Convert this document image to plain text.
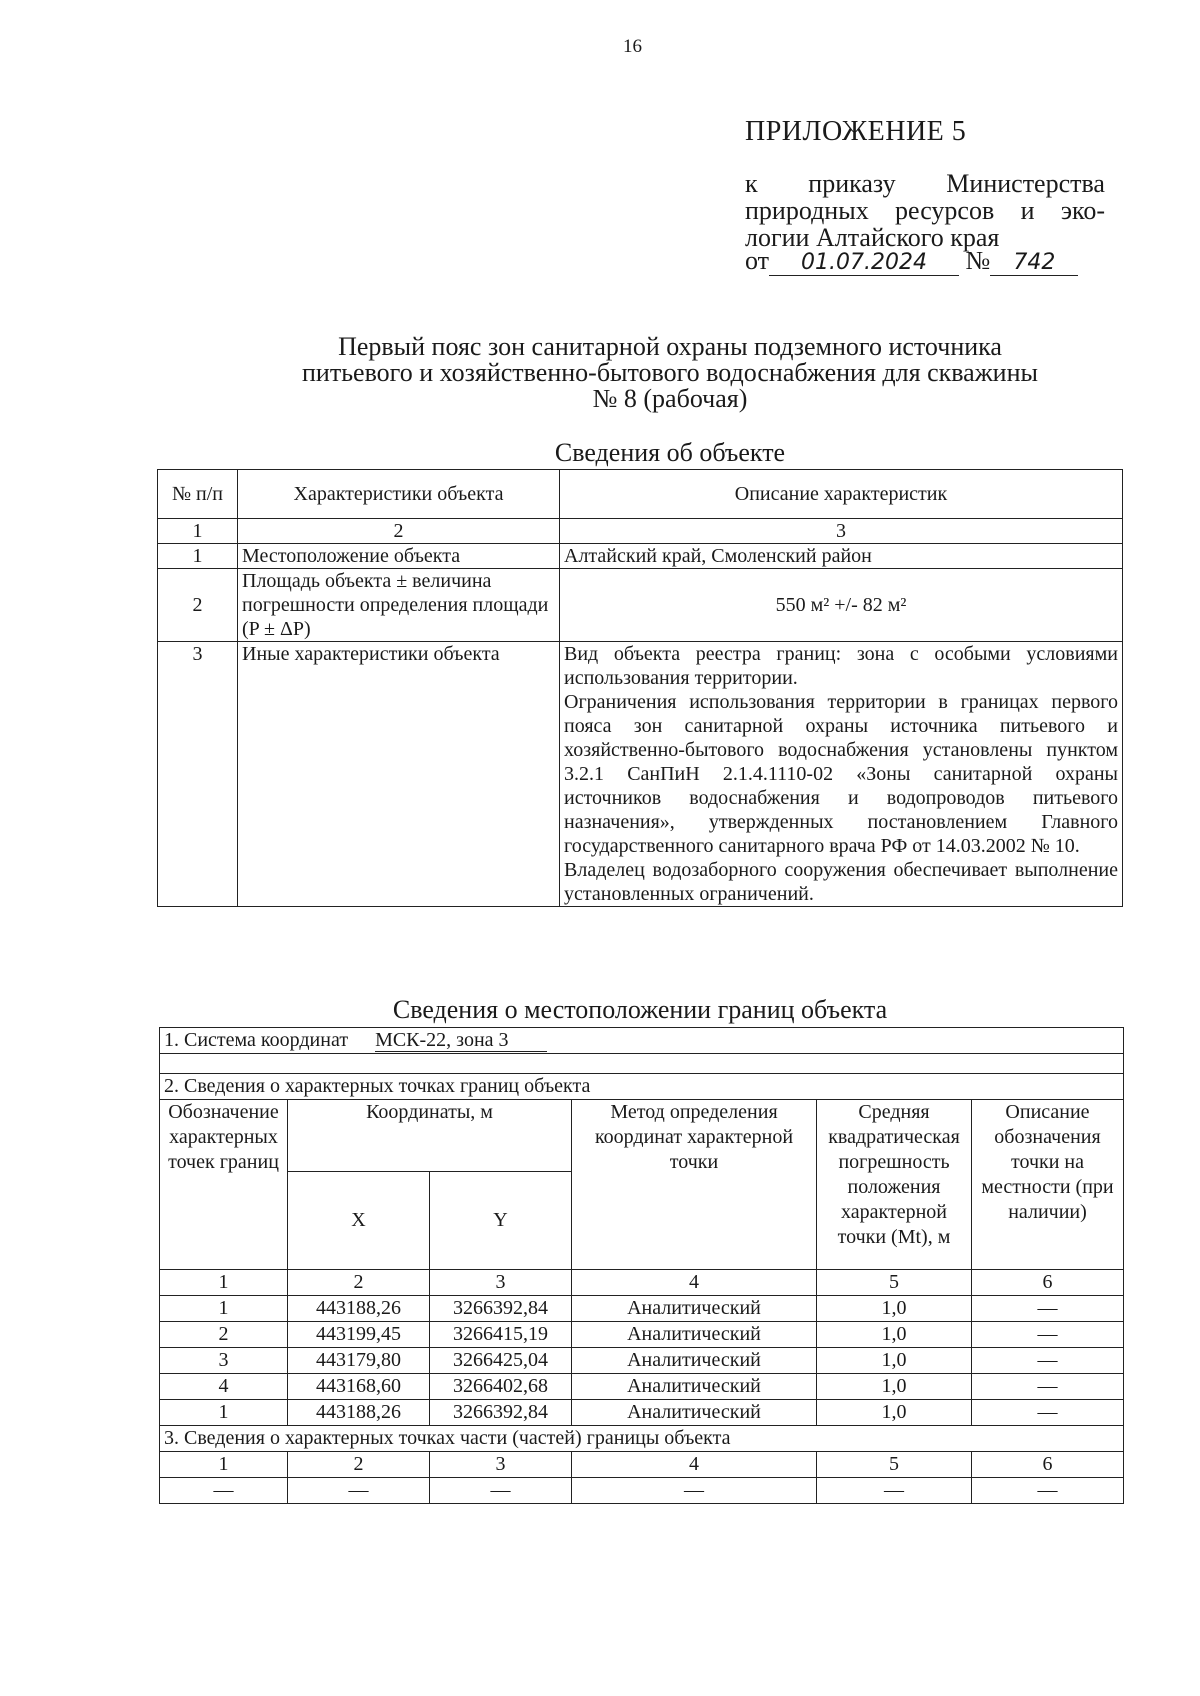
16
ПРИЛОЖЕНИЕ 5
к приказу Министерства
природных ресурсов и эко-
логии Алтайского края
от 01.07.2024 № 742
Первый пояс зон санитарной охраны подземного источника
питьевого и хозяйственно-бытового водоснабжения для скважины
№ 8 (рабочая)
Сведения об объекте
№ п/п	Характеристики объекта	Описание характеристик
1	2	3
1	Местоположение объекта	Алтайский край, Смоленский район
2	Площадь объекта ± величина погрешности определения площади (P ± ΔP)	550 м² +/- 82 м²
3	Иные характеристики объекта	Вид объекта реестра границ: зона с особыми условиями использования территории.

Ограничения использования территории в границах первого пояса зон санитарной охраны источника питьевого и хозяйственно-бытового водоснабжения установлены пунктом 3.2.1 СанПиН 2.1.4.1110-02 «Зоны санитарной охраны источников водоснабжения и водопроводов питьевого назначения», утвержденных постановлением Главного государственного санитарного врача РФ от 14.03.2002 № 10.

Владелец водозаборного сооружения обеспечивает выполнение установленных ограничений.

Сведения о местоположении границ объекта
1. Система координат МСК-22, зона 3					

2. Сведения о характерных точках границ объекта					
Обозначение характерных точек границ	Координаты, м		Метод определения координат характерной точки	Средняя квадратическая погрешность положения характерной точки (Mt), м	Описание обозначения точки на местности (при наличии)
	X	Y			
1	2	3	4	5	6
1	443188,26	3266392,84	Аналитический	1,0	—
2	443199,45	3266415,19	Аналитический	1,0	—
3	443179,80	3266425,04	Аналитический	1,0	—
4	443168,60	3266402,68	Аналитический	1,0	—
1	443188,26	3266392,84	Аналитический	1,0	—
3. Сведения о характерных точках части (частей) границы объекта					
1	2	3	4	5	6
—	—	—	—	—	—
